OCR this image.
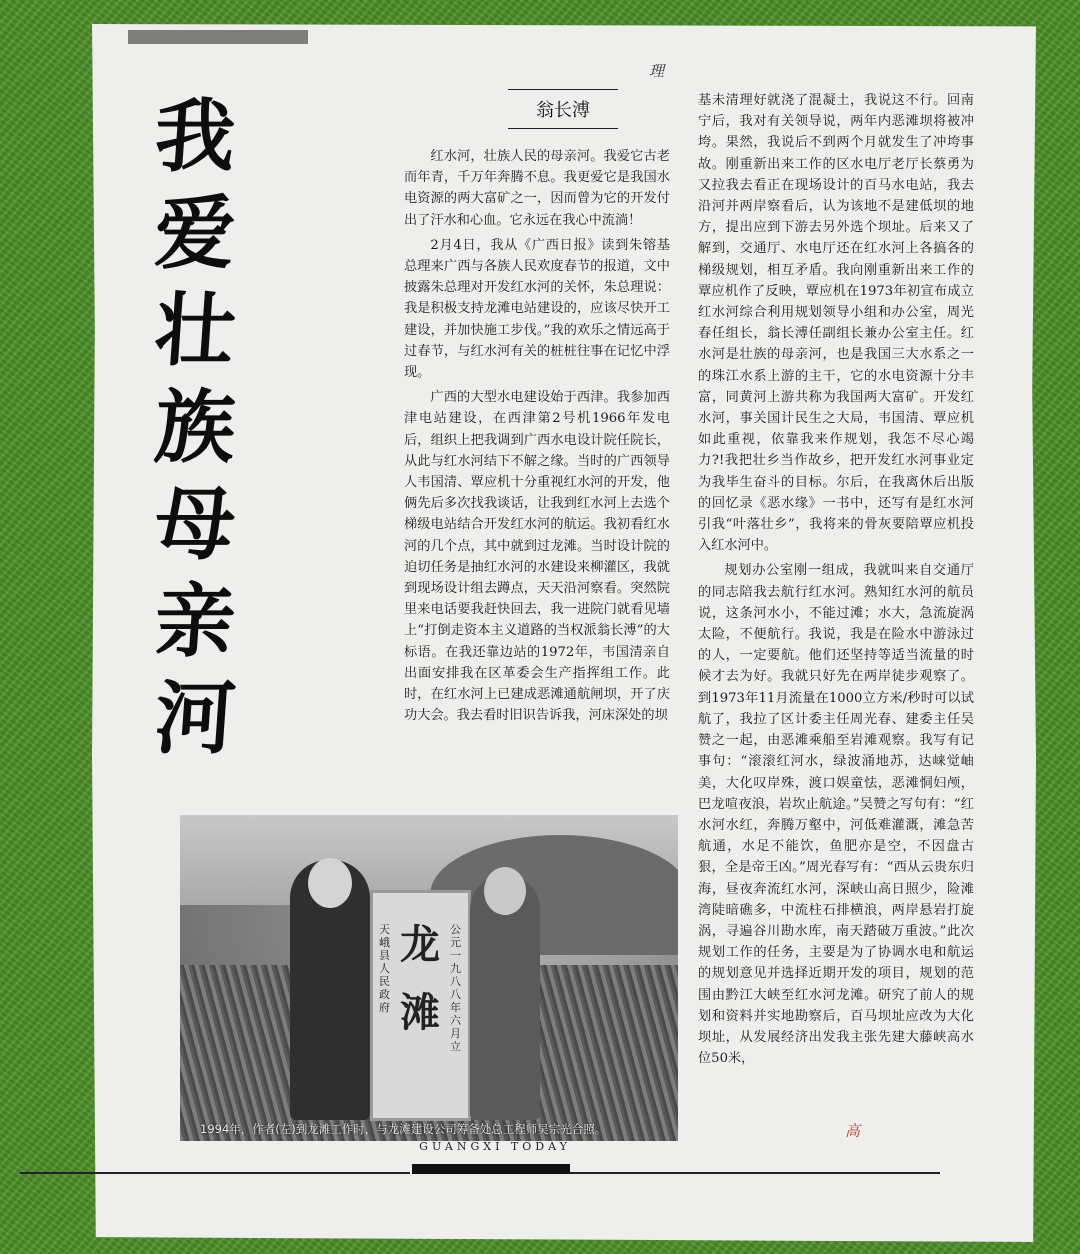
我
爱
壮
族
母
亲
河
翁长溥

红水河，壮族人民的母亲河。我爱它古老而年青，千万年奔腾不息。我更爱它是我国水电资源的两大富矿之一，因而曾为它的开发付出了汗水和心血。它永远在我心中流淌！

2月4日，我从《广西日报》读到朱镕基总理来广西与各族人民欢度春节的报道，文中披露朱总理对开发红水河的关怀，朱总理说：我是积极支持龙滩电站建设的，应该尽快开工建设，并加快施工步伐。”我的欢乐之情远高于过春节，与红水河有关的桩桩往事在记忆中浮现。

广西的大型水电建设始于西津。我参加西津电站建设，在西津第2号机1966年发电后，组织上把我调到广西水电设计院任院长，从此与红水河结下不解之缘。当时的广西领导人韦国清、覃应机十分重视红水河的开发，他俩先后多次找我谈话，让我到红水河上去选个梯级电站结合开发红水河的航运。我初看红水河的几个点，其中就到过龙滩。当时设计院的迫切任务是抽红水河的水建设来柳灌区，我就到现场设计组去蹲点，天天沿河察看。突然院里来电话要我赶快回去，我一进院门就看见墙上“打倒走资本主义道路的当权派翁长溥”的大标语。在我还靠边站的1972年，韦国清亲自出面安排我在区革委会生产指挥组工作。此时，在红水河上已建成恶滩通航闸坝，开了庆功大会。我去看时旧识告诉我，河床深处的坝

基未清理好就浇了混凝土，我说这不行。回南宁后，我对有关领导说，两年内恶滩坝将被冲垮。果然，我说后不到两个月就发生了冲垮事故。刚重新出来工作的区水电厅老厅长蔡勇为又拉我去看正在现场设计的百马水电站，我去沿河并两岸察看后，认为该地不是建低坝的地方，提出应到下游去另外选个坝址。后来又了解到，交通厅、水电厅还在红水河上各搞各的梯级规划，相互矛盾。我向刚重新出来工作的覃应机作了反映，覃应机在1973年初宣布成立红水河综合利用规划领导小组和办公室，周光春任组长，翁长溥任副组长兼办公室主任。红水河是壮族的母亲河，也是我国三大水系之一的珠江水系上游的主干，它的水电资源十分丰富，同黄河上游共称为我国两大富矿。开发红水河，事关国计民生之大局，韦国清、覃应机如此重视，依靠我来作规划，我怎不尽心竭力?!我把壮乡当作故乡，把开发红水河事业定为我毕生奋斗的目标。尔后，在我离休后出版的回忆录《恶水缘》一书中，还写有是红水河引我“叶落壮乡”，我将来的骨灰要陪覃应机投入红水河中。

规划办公室刚一组成，我就叫来自交通厅的同志陪我去航行红水河。熟知红水河的航员说，这条河水小，不能过滩；水大，急流旋涡太险，不便航行。我说，我是在险水中游泳过的人，一定要航。他们还坚持等适当流量的时候才去为好。我就只好先在两岸徒步观察了。到1973年11月流量在1000立方米/秒时可以试航了，我拉了区计委主任周光春、建委主任吴赞之一起，由恶滩乘船至岩滩观察。我写有记事句：“滚滚红河水，绿波涌地苏，达崃觉岫美，大化叹岸殊，渡口娱童怯，恶滩恫妇颅，巴龙喧夜浪，岩坎止航途。”吴赞之写句有：“红水河水红，奔腾万壑中，河低难灌溉，滩急苦航通，水足不能饮，鱼肥亦是空，不因盘古狠，全是帝王凶。”周光春写有：“西从云贵东归海，昼夜奔流红水河，深峡山高日照少，险滩湾陡暗礁多，中流柱石排横浪，两岸悬岩打旋涡，寻遍谷川勘水库，南天踏破万重波。”此次规划工作的任务，主要是为了协调水电和航运的规划意见并选择近期开发的项目，规划的范围由黔江大峡至红水河龙滩。研究了前人的规划和资料并实地勘察后，百马坝址应改为大化坝址，从发展经济出发我主张先建大藤峡高水位50米，

天峨县人民政府
龙滩
公元一九八八年六月立
1994年，作者(左)到龙滩工作时，与龙滩建设公司筹备处总工程师吴宗光合照。
GUANGXI TODAY
理
高
